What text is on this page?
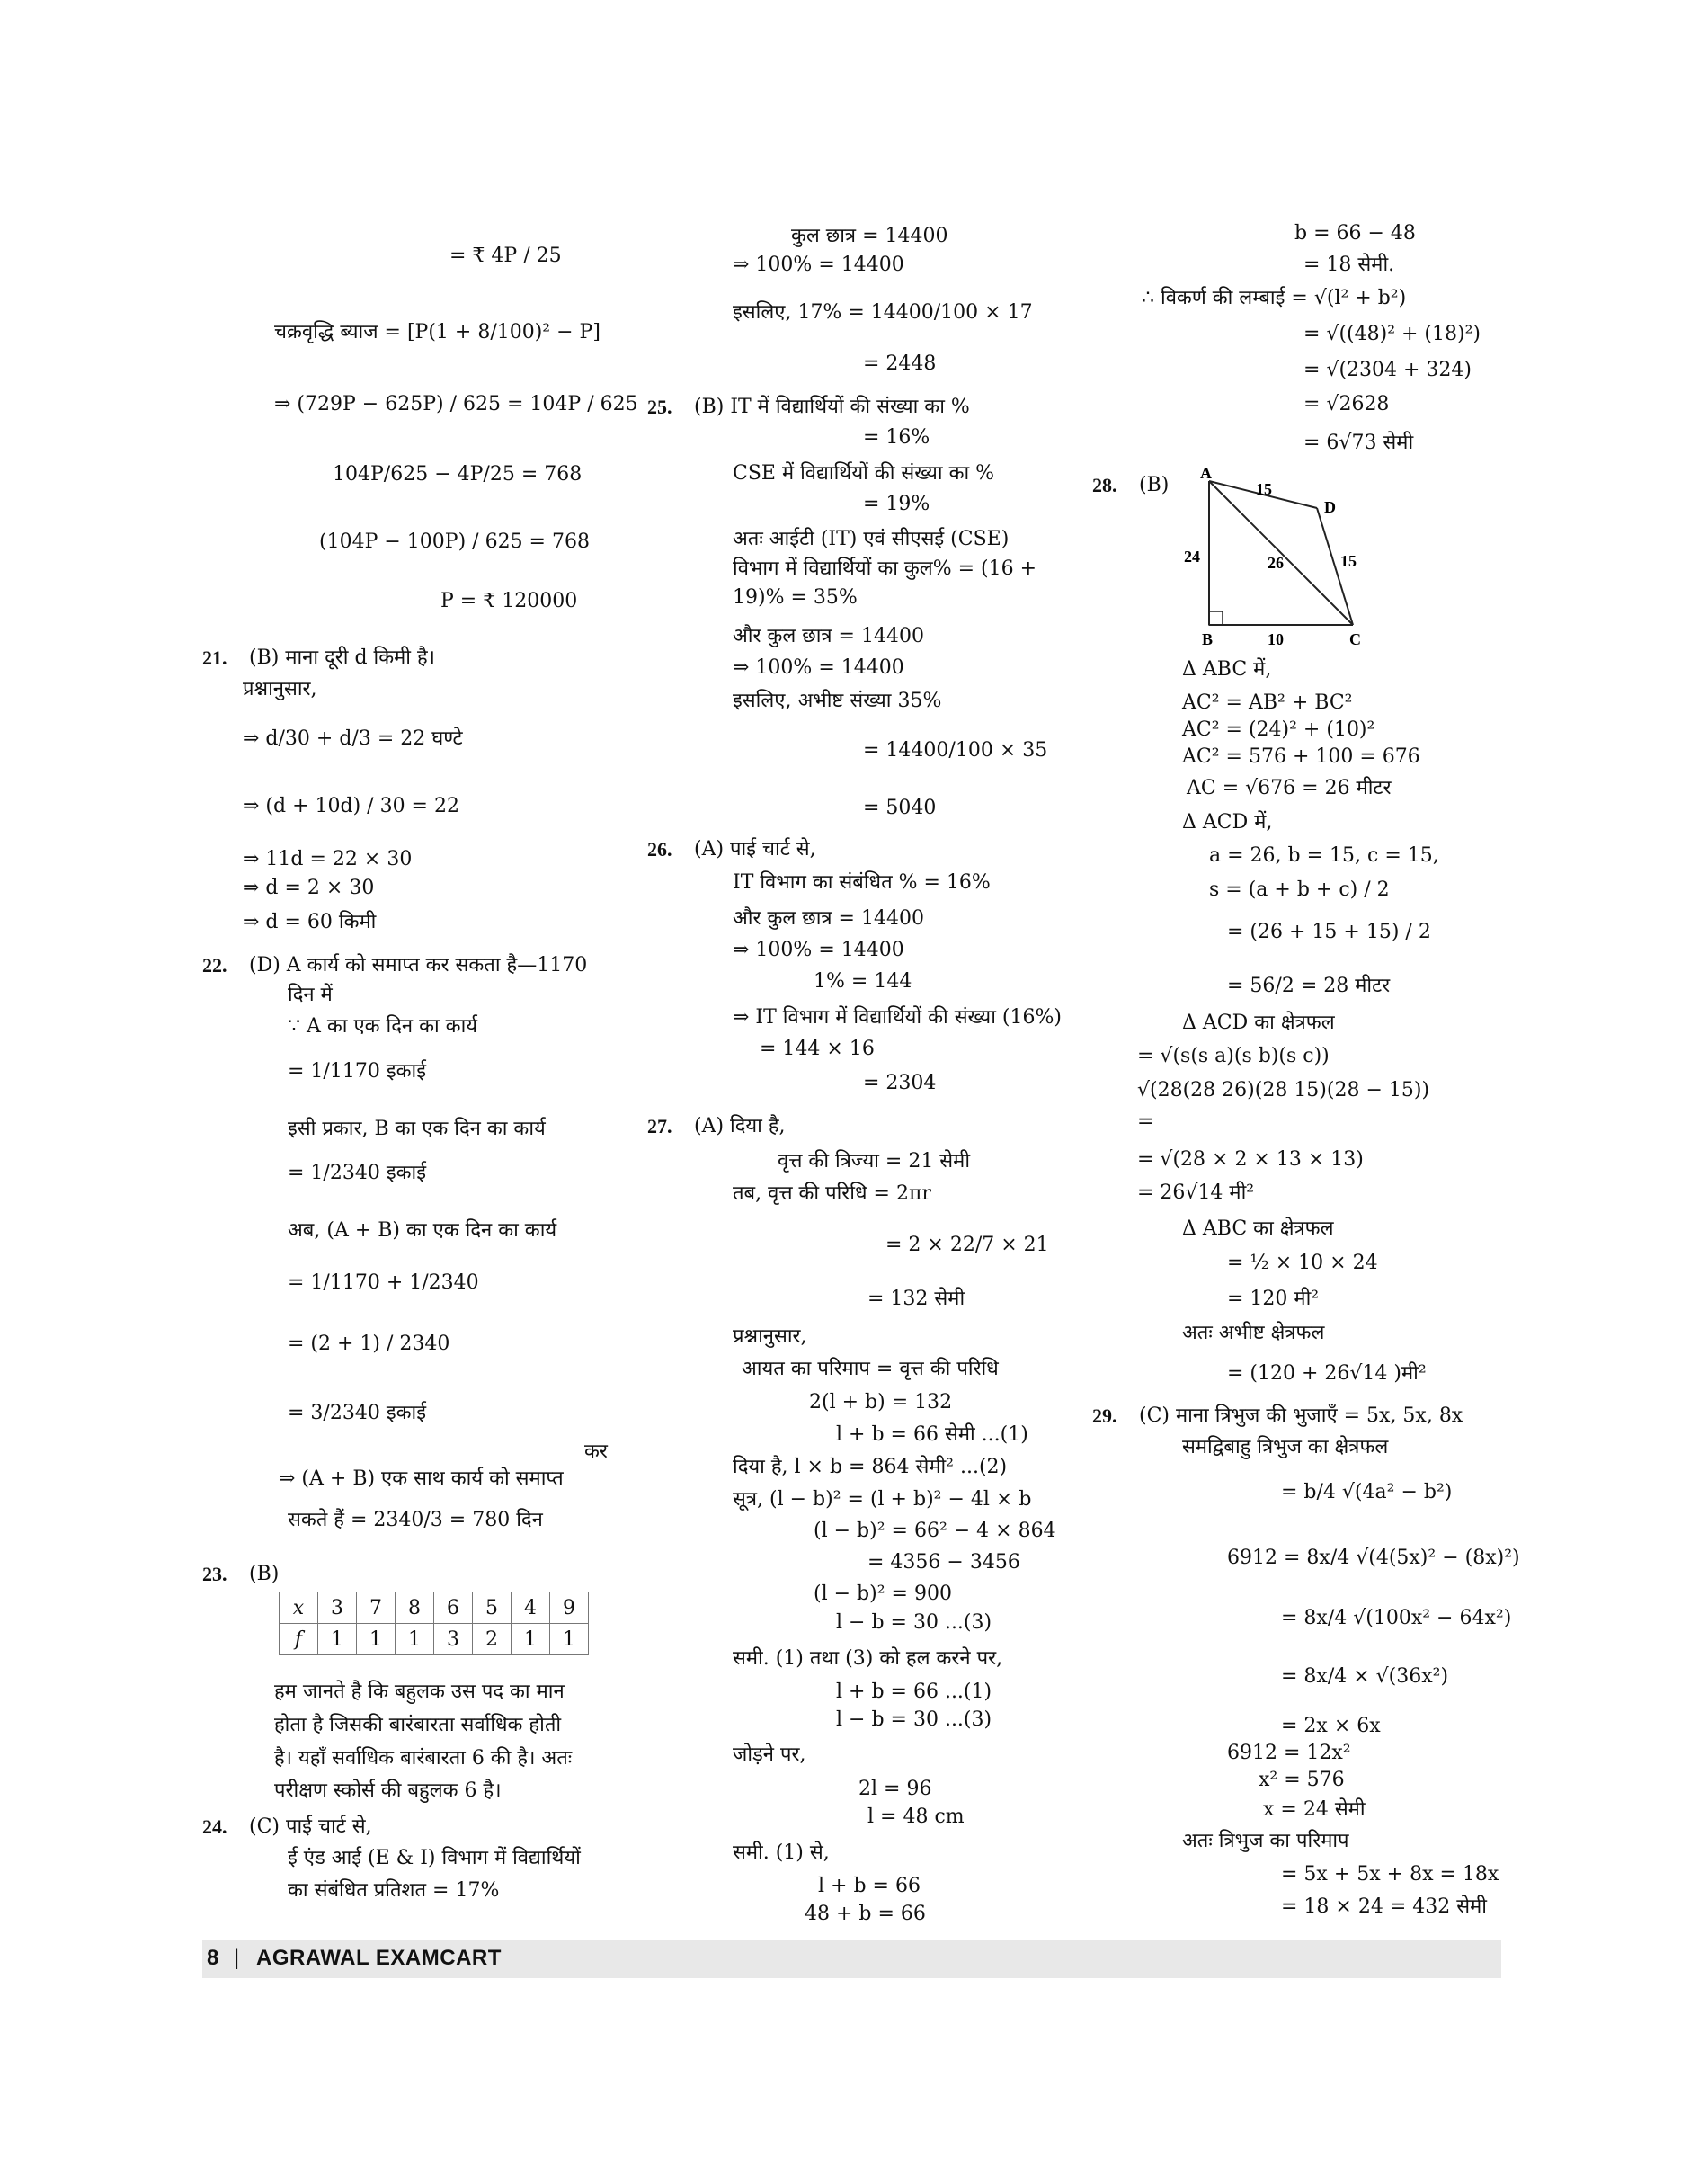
= ₹ 4P / 25
चक्रवृद्धि ब्याज = [P(1 + 8/100)² − P]
⇒ (729P − 625P) / 625 = 104P / 625
104P/625 − 4P/25 = 768
(104P − 100P) / 625 = 768
P = ₹ 120000
21. (B) माना दूरी d किमी है।
प्रश्नानुसार,
⇒ d/30 + d/3 = 22 घण्टे
⇒ (d + 10d) / 30 = 22
⇒ 11d = 22 × 30
⇒ d = 2 × 30
⇒ d = 60 किमी
22. (D) A कार्य को समाप्त कर सकता है—1170
दिन में
∵ A का एक दिन का कार्य
= 1/1170 इकाई
इसी प्रकार, B का एक दिन का कार्य
= 1/2340 इकाई
अब, (A + B) का एक दिन का कार्य
= 1/1170 + 1/2340
= (2 + 1) / 2340
= 3/2340 इकाई
कर
⇒ (A + B) एक साथ कार्य को समाप्त
सकते हैं = 2340/3 = 780 दिन
23. (B)
x	3	7	8	6	5	4	9
f	1	1	1	3	2	1	1
हम जानते है कि बहुलक उस पद का मान
होता है जिसकी बारंबारता सर्वाधिक होती
है। यहाँ सर्वाधिक बारंबारता 6 की है। अतः
परीक्षण स्कोर्स की बहुलक 6 है।
24. (C) पाई चार्ट से,
ई एंड आई (E & I) विभाग में विद्यार्थियों
का संबंधित प्रतिशत = 17%
कुल छात्र = 14400
⇒ 100% = 14400
इसलिए, 17% = 14400/100 × 17
= 2448
25. (B) IT में विद्यार्थियों की संख्या का %
= 16%
CSE में विद्यार्थियों की संख्या का %
= 19%
अतः आईटी (IT) एवं सीएसई (CSE)
विभाग में विद्यार्थियों का कुल% = (16 +
19)% = 35%
और कुल छात्र = 14400
⇒ 100% = 14400
इसलिए, अभीष्ट संख्या 35%
= 14400/100 × 35
= 5040
26. (A) पाई चार्ट से,
IT विभाग का संबंधित % = 16%
और कुल छात्र = 14400
⇒ 100% = 14400
1% = 144
⇒ IT विभाग में विद्यार्थियों की संख्या (16%)
= 144 × 16
= 2304
27. (A) दिया है,
वृत्त की त्रिज्या = 21 सेमी
तब, वृत्त की परिधि = 2πr
= 2 × 22/7 × 21
= 132 सेमी
प्रश्नानुसार,
आयत का परिमाप = वृत्त की परिधि
2(l + b) = 132
l + b = 66 सेमी ...(1)
दिया है, l × b = 864 सेमी² ...(2)
सूत्र, (l − b)² = (l + b)² − 4l × b
(l − b)² = 66² − 4 × 864
= 4356 − 3456
(l − b)² = 900
l − b = 30 ...(3)
समी. (1) तथा (3) को हल करने पर,
l + b = 66 ...(1)
l − b = 30 ...(3)
जोड़ने पर,
2l = 96
l = 48 cm
समी. (1) से,
l + b = 66
48 + b = 66
b = 66 − 48
= 18 सेमी.
∴ विकर्ण की लम्बाई = √(l² + b²)
= √((48)² + (18)²)
= √(2304 + 324)
= √2628
= 6√73 सेमी
28. (B)
A
B	C
D
24
15
15
26
10
Δ ABC में,
AC² = AB² + BC²
AC² = (24)² + (10)²
AC² = 576 + 100 = 676
AC = √676 = 26 मीटर
Δ ACD में,
a = 26, b = 15, c = 15,
s = (a + b + c) / 2
= (26 + 15 + 15) / 2
= 56/2 = 28 मीटर
Δ ACD का क्षेत्रफल
= √(s(s a)(s b)(s c))
√(28(28 26)(28 15)(28 − 15))
=
= √(28 × 2 × 13 × 13)
= 26√14 मी²
Δ ABC का क्षेत्रफल
= ½ × 10 × 24
= 120 मी²
अतः अभीष्ट क्षेत्रफल
= (120 + 26√14 )मी²
29. (C) माना त्रिभुज की भुजाएँ = 5x, 5x, 8x
समद्विबाहु त्रिभुज का क्षेत्रफल
= b/4 √(4a² − b²)
6912 = 8x/4 √(4(5x)² − (8x)²)
= 8x/4 √(100x² − 64x²)
= 8x/4 × √(36x²)
= 2x × 6x
6912 = 12x²
x² = 576
x = 24 सेमी
अतः त्रिभुज का परिमाप
= 5x + 5x + 8x = 18x
= 18 × 24 = 432 सेमी
8 | AGRAWAL EXAMCART
